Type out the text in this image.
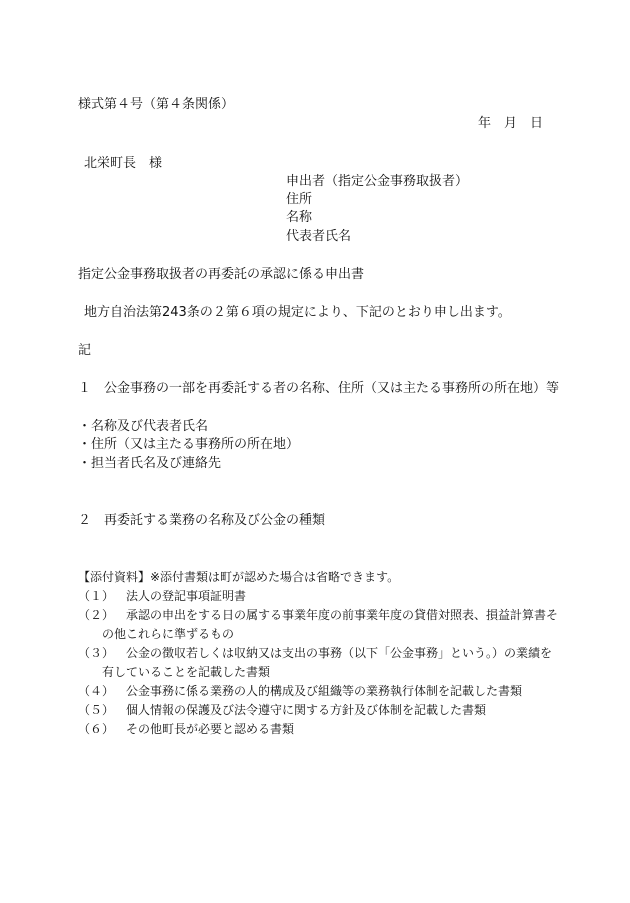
様式第４号（第４条関係）
年　月　日
北栄町長　様
申出者（指定公金事務取扱者）
住所
名称
代表者氏名
指定公金事務取扱者の再委託の承認に係る申出書
地方自治法第243条の２第６項の規定により、下記のとおり申し出ます。
記
１　公金事務の一部を再委託する者の名称、住所（又は主たる事務所の所在地）等
・名称及び代表者氏名
・住所（又は主たる事務所の所在地）
・担当者氏名及び連絡先
２　再委託する業務の名称及び公金の種類
【添付資料】※添付書類は町が認めた場合は省略できます。
（１）　 法人の登記事項証明書
（２）　 承認の申出をする日の属する事業年度の前事業年度の貸借対照表、損益計算書そ
の他これらに準ずるもの
（３）　 公金の徴収若しくは収納又は支出の事務（以下「公金事務」という。）の業績を
有していることを記載した書類
（４）　 公金事務に係る業務の人的構成及び組織等の業務執行体制を記載した書類
（５）　 個人情報の保護及び法令遵守に関する方針及び体制を記載した書類
（６）　 その他町長が必要と認める書類
